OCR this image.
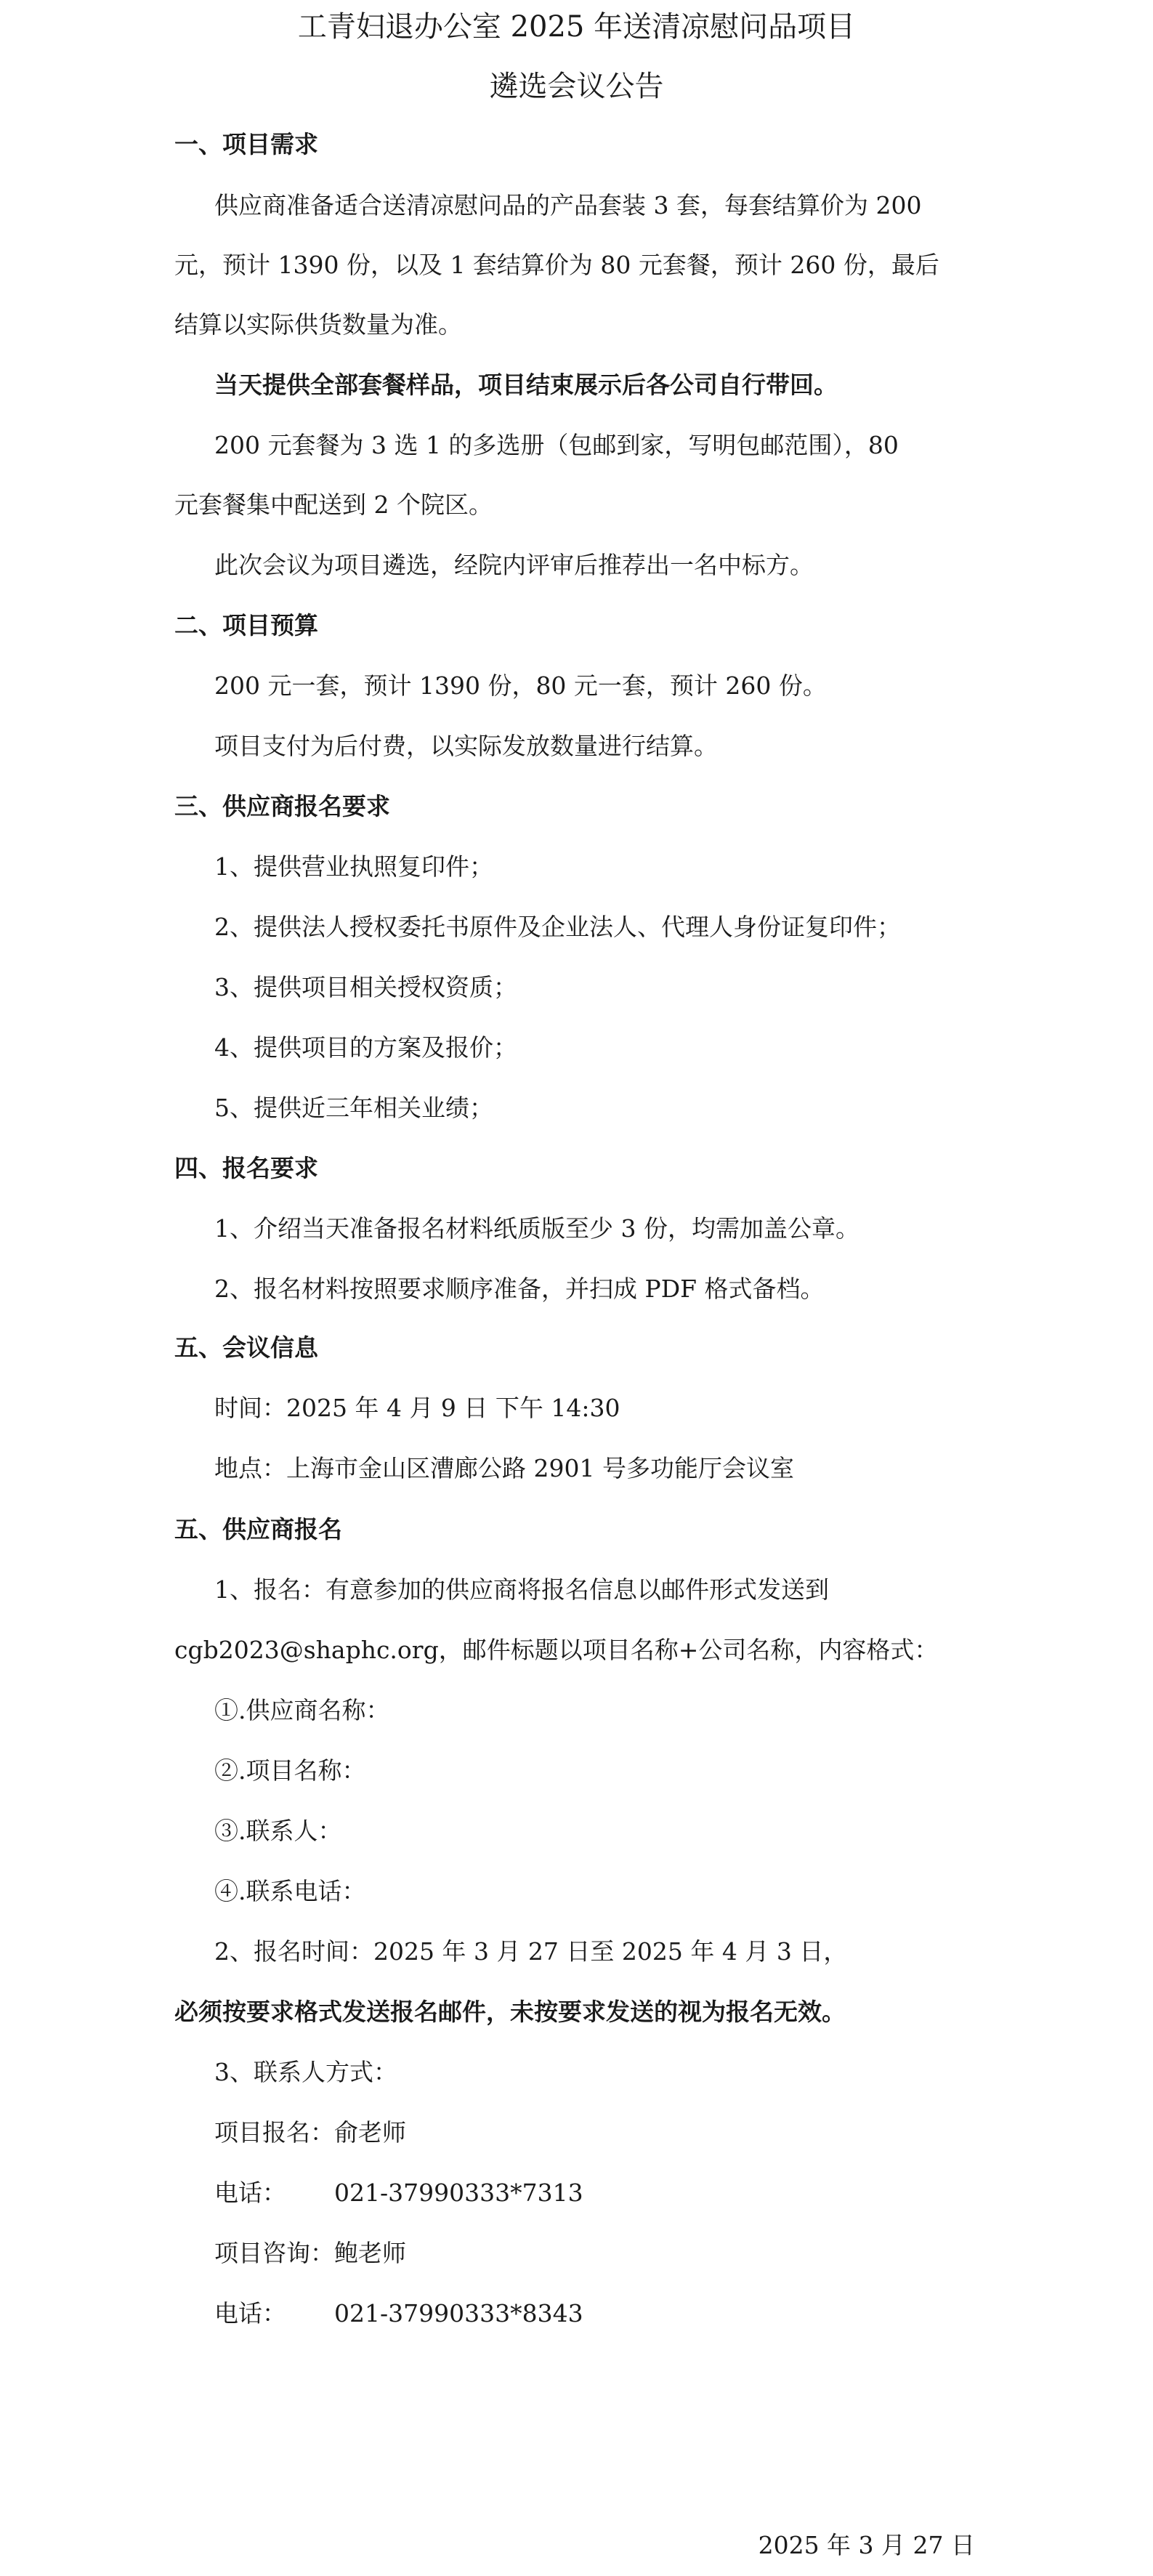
工青妇退办公室 2025 年送清凉慰问品项目
遴选会议公告
一、项目需求
供应商准备适合送清凉慰问品的产品套装 3 套，每套结算价为 200
元，预计 1390 份，以及 1 套结算价为 80 元套餐，预计 260 份，最后
结算以实际供货数量为准。
当天提供全部套餐样品，项目结束展示后各公司自行带回。
200 元套餐为 3 选 1 的多选册（包邮到家，写明包邮范围），80
元套餐集中配送到 2 个院区。
此次会议为项目遴选，经院内评审后推荐出一名中标方。
二、项目预算
200 元一套，预计 1390 份，80 元一套，预计 260 份。
项目支付为后付费，以实际发放数量进行结算。
三、供应商报名要求
1、提供营业执照复印件；
2、提供法人授权委托书原件及企业法人、代理人身份证复印件；
3、提供项目相关授权资质；
4、提供项目的方案及报价；
5、提供近三年相关业绩；
四、报名要求
1、介绍当天准备报名材料纸质版至少 3 份，均需加盖公章。
2、报名材料按照要求顺序准备，并扫成 PDF 格式备档。
五、会议信息
时间：2025 年 4 月 9 日 下午 14:30
地点：上海市金山区漕廊公路 2901 号多功能厅会议室
五、供应商报名
1、报名：有意参加的供应商将报名信息以邮件形式发送到
cgb2023@shaphc.org，邮件标题以项目名称+公司名称，内容格式：
①.供应商名称：
②.项目名称：
③.联系人：
④.联系电话：
2、报名时间：2025 年 3 月 27 日至 2025 年 4 月 3 日，
必须按要求格式发送报名邮件，未按要求发送的视为报名无效。
3、联系人方式：
项目报名：俞老师
电话： 021-37990333*7313
项目咨询：鲍老师
电话： 021-37990333*8343
2025 年 3 月 27 日
